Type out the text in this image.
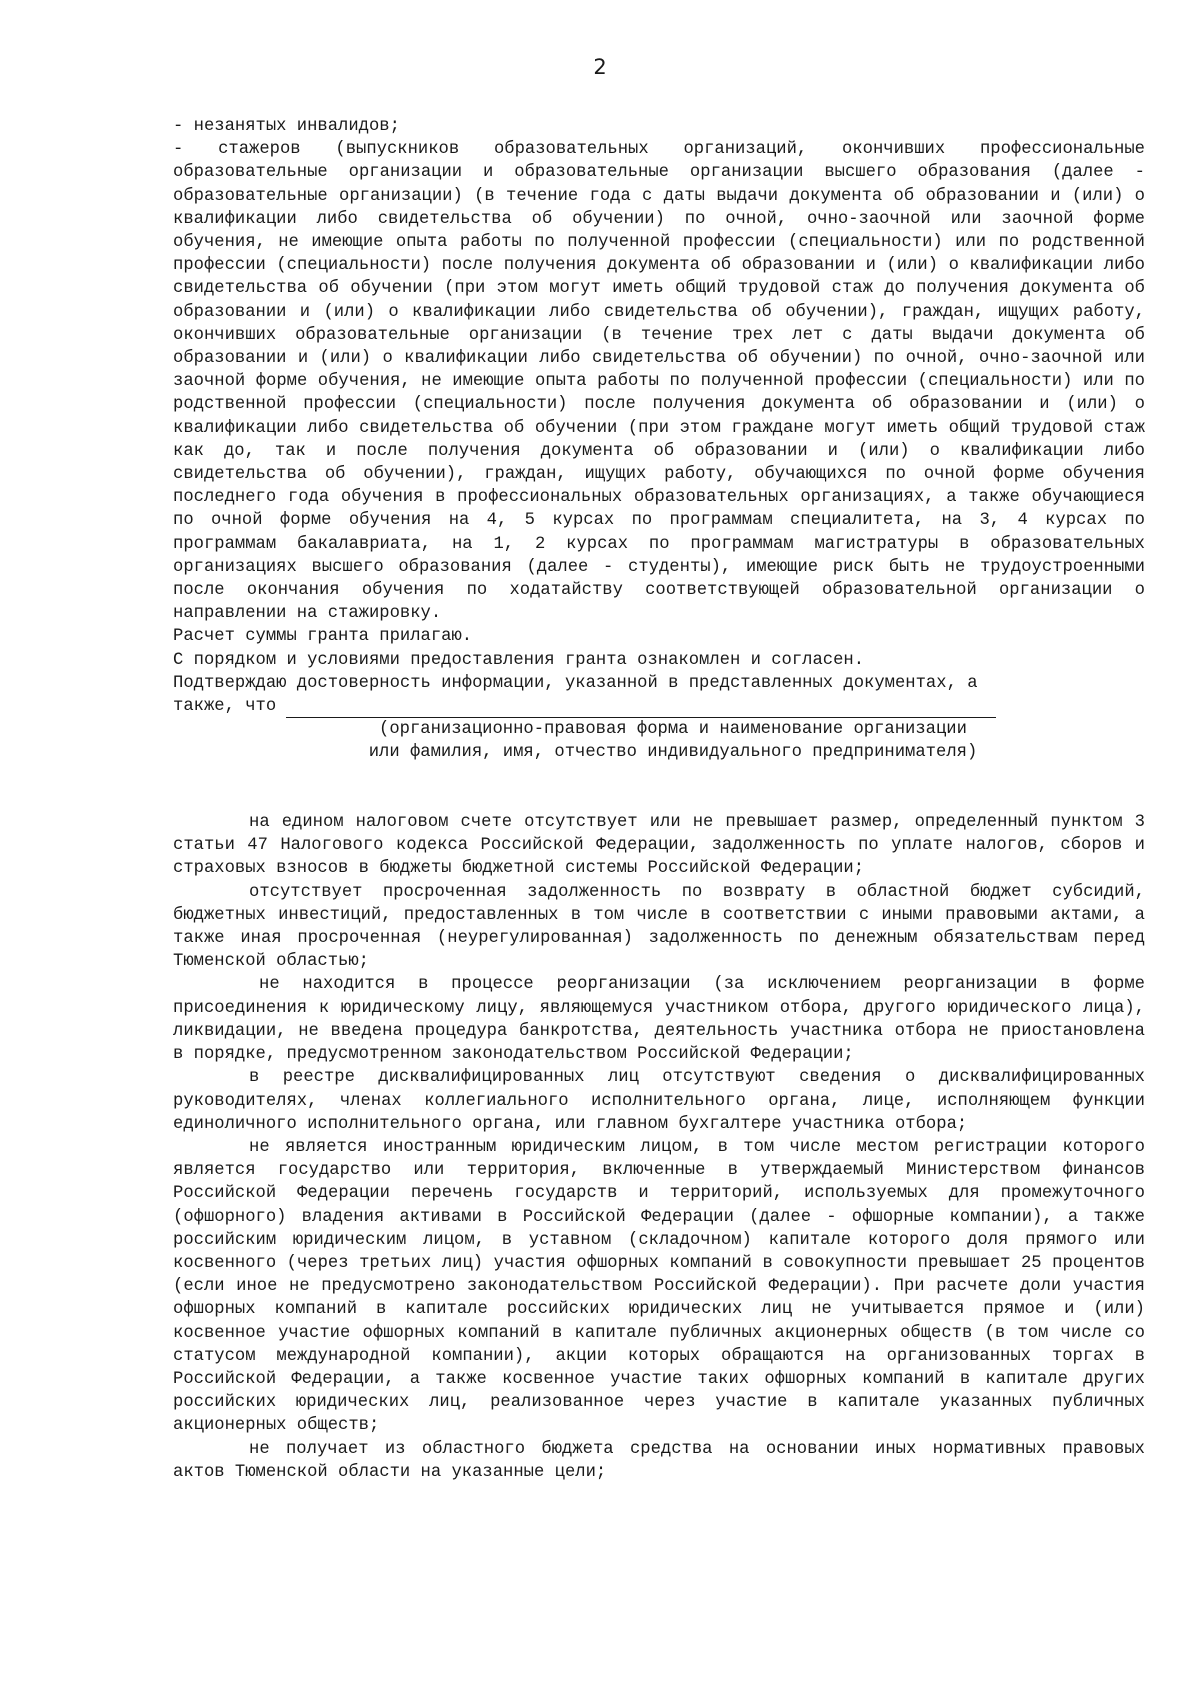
2

- незанятых инвалидов;

- стажеров (выпускников образовательных организаций, окончивших профессиональные образовательные организации и образовательные организации высшего образования (далее - образовательные организации) (в течение года с даты выдачи документа об образовании и (или) о квалификации либо свидетельства об обучении) по очной, очно-заочной или заочной форме обучения, не имеющие опыта работы по полученной профессии (специальности) или по родственной профессии (специальности) после получения документа об образовании и (или) о квалификации либо свидетельства об обучении (при этом могут иметь общий трудовой стаж до получения документа об образовании и (или) о квалификации либо свидетельства об обучении), граждан, ищущих работу, окончивших образовательные организации (в течение трех лет с даты выдачи документа об образовании и (или) о квалификации либо свидетельства об обучении) по очной, очно-заочной или заочной форме обучения, не имеющие опыта работы по полученной профессии (специальности) или по родственной профессии (специальности) после получения документа об образовании и (или) о квалификации либо свидетельства об обучении (при этом граждане могут иметь общий трудовой стаж как до, так и после получения документа об образовании и (или) о квалификации либо свидетельства об обучении), граждан, ищущих работу, обучающихся по очной форме обучения последнего года обучения в профессиональных образовательных организациях, а также обучающиеся по очной форме обучения на 4, 5 курсах по программам специалитета, на 3, 4 курсах по программам бакалавриата, на 1, 2 курсах по программам магистратуры в образовательных организациях высшего образования (далее - студенты), имеющие риск быть не трудоустроенными после окончания обучения по ходатайству соответствующей образовательной организации о направлении на стажировку.

Расчет суммы гранта прилагаю.

С порядком и условиями предоставления гранта ознакомлен и согласен.

Подтверждаю достоверность информации, указанной в представленных документах, а

также, что

(организационно-правовая форма и наименование организации

или фамилия, имя, отчество индивидуального предпринимателя)

на едином налоговом счете отсутствует или не превышает размер, определенный пунктом 3 статьи 47 Налогового кодекса Российской Федерации, задолженность по уплате налогов, сборов и страховых взносов в бюджеты бюджетной системы Российской Федерации;

отсутствует просроченная задолженность по возврату в областной бюджет субсидий, бюджетных инвестиций, предоставленных в том числе в соответствии с иными правовыми актами, а также иная просроченная (неурегулированная) задолженность по денежным обязательствам перед Тюменской областью;

не находится в процессе реорганизации (за исключением реорганизации в форме присоединения к юридическому лицу, являющемуся участником отбора, другого юридического лица), ликвидации, не введена процедура банкротства, деятельность участника отбора не приостановлена в порядке, предусмотренном законодательством Российской Федерации;

в реестре дисквалифицированных лиц отсутствуют сведения о дисквалифицированных руководителях, членах коллегиального исполнительного органа, лице, исполняющем функции единоличного исполнительного органа, или главном бухгалтере участника отбора;

не является иностранным юридическим лицом, в том числе местом регистрации которого является государство или территория, включенные в утверждаемый Министерством финансов Российской Федерации перечень государств и территорий, используемых для промежуточного (офшорного) владения активами в Российской Федерации (далее - офшорные компании), а также российским юридическим лицом, в уставном (складочном) капитале которого доля прямого или косвенного (через третьих лиц) участия офшорных компаний в совокупности превышает 25 процентов (если иное не предусмотрено законодательством Российской Федерации). При расчете доли участия офшорных компаний в капитале российских юридических лиц не учитывается прямое и (или) косвенное участие офшорных компаний в капитале публичных акционерных обществ (в том числе со статусом международной компании), акции которых обращаются на организованных торгах в Российской Федерации, а также косвенное участие таких офшорных компаний в капитале других российских юридических лиц, реализованное через участие в капитале указанных публичных акционерных обществ;

не получает из областного бюджета средства на основании иных нормативных правовых актов Тюменской области на указанные цели;
